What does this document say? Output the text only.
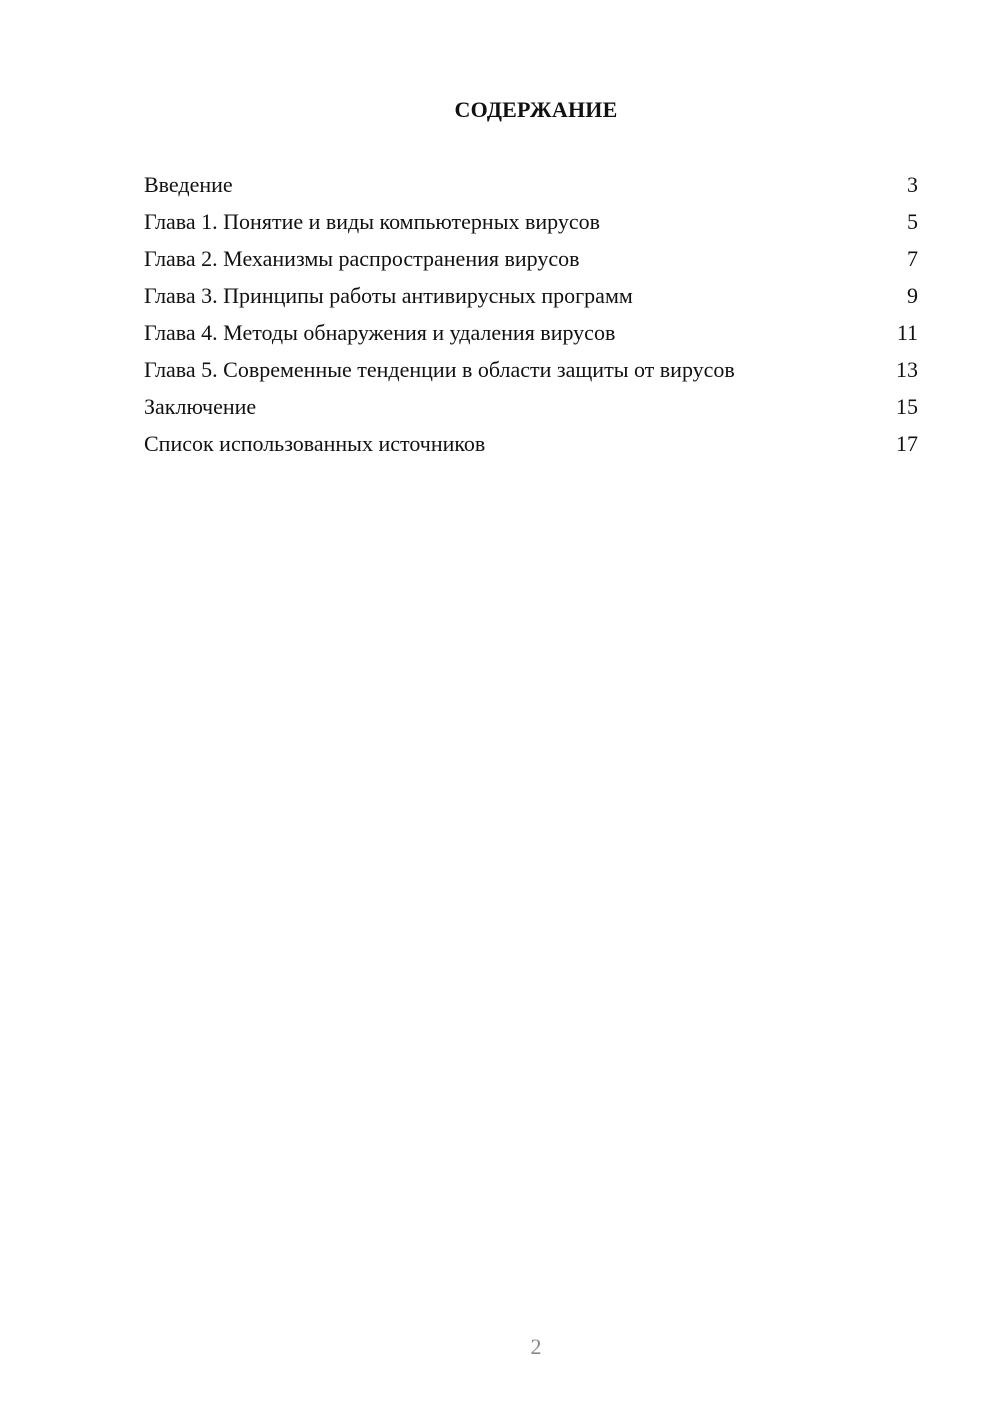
СОДЕРЖАНИЕ
Введение	3
Глава 1. Понятие и виды компьютерных вирусов	5
Глава 2. Механизмы распространения вирусов	7
Глава 3. Принципы работы антивирусных программ	9
Глава 4. Методы обнаружения и удаления вирусов	11
Глава 5. Современные тенденции в области защиты от вирусов	13
Заключение	15
Список использованных источников	17
2
